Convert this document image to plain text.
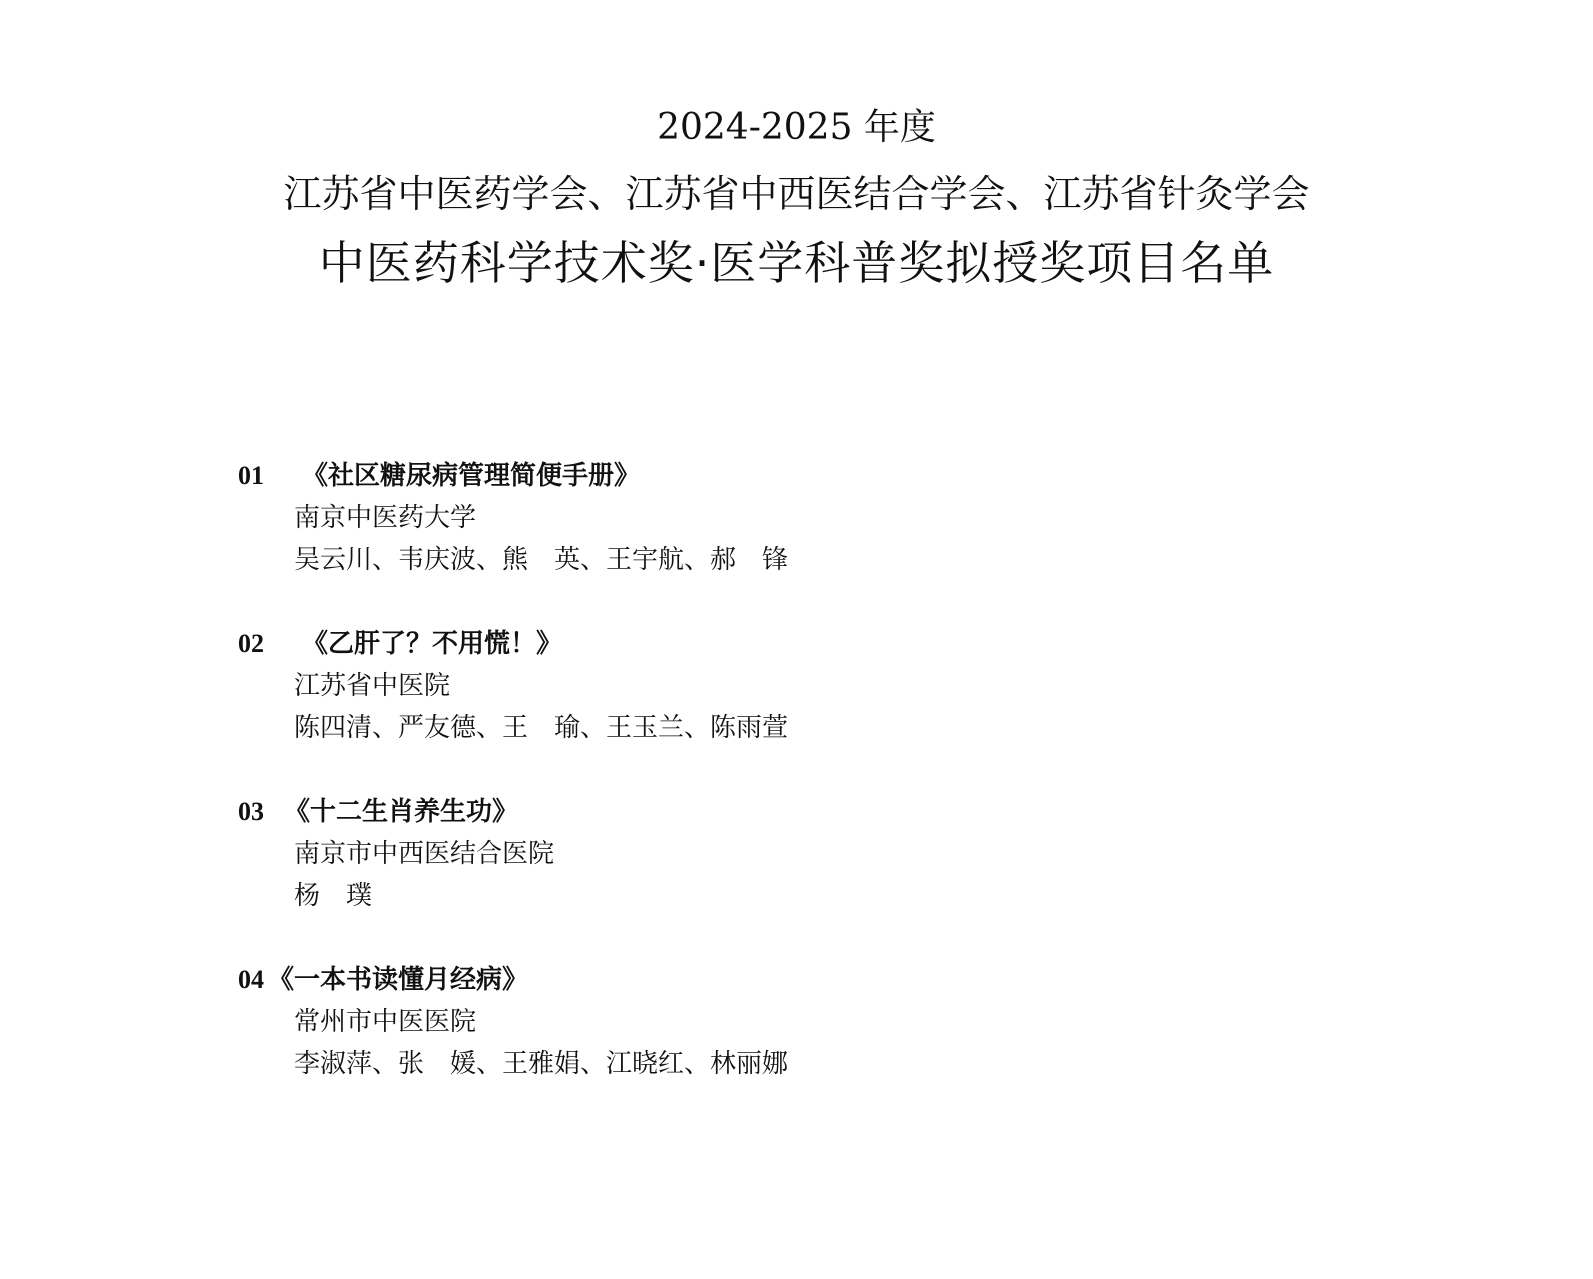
2024-2025 年度
江苏省中医药学会、江苏省中西医结合学会、江苏省针灸学会
中医药科学技术奖·医学科普奖拟授奖项目名单
01 《社区糖尿病管理简便手册》
南京中医药大学
吴云川、韦庆波、熊　英、王宇航、郝　锋
02 《乙肝了？不用慌！》
江苏省中医院
陈四清、严友德、王　瑜、王玉兰、陈雨萱
03 《十二生肖养生功》
南京市中西医结合医院
杨　璞
04 《一本书读懂月经病》
常州市中医医院
李淑萍、张　媛、王雅娟、江晓红、林丽娜
